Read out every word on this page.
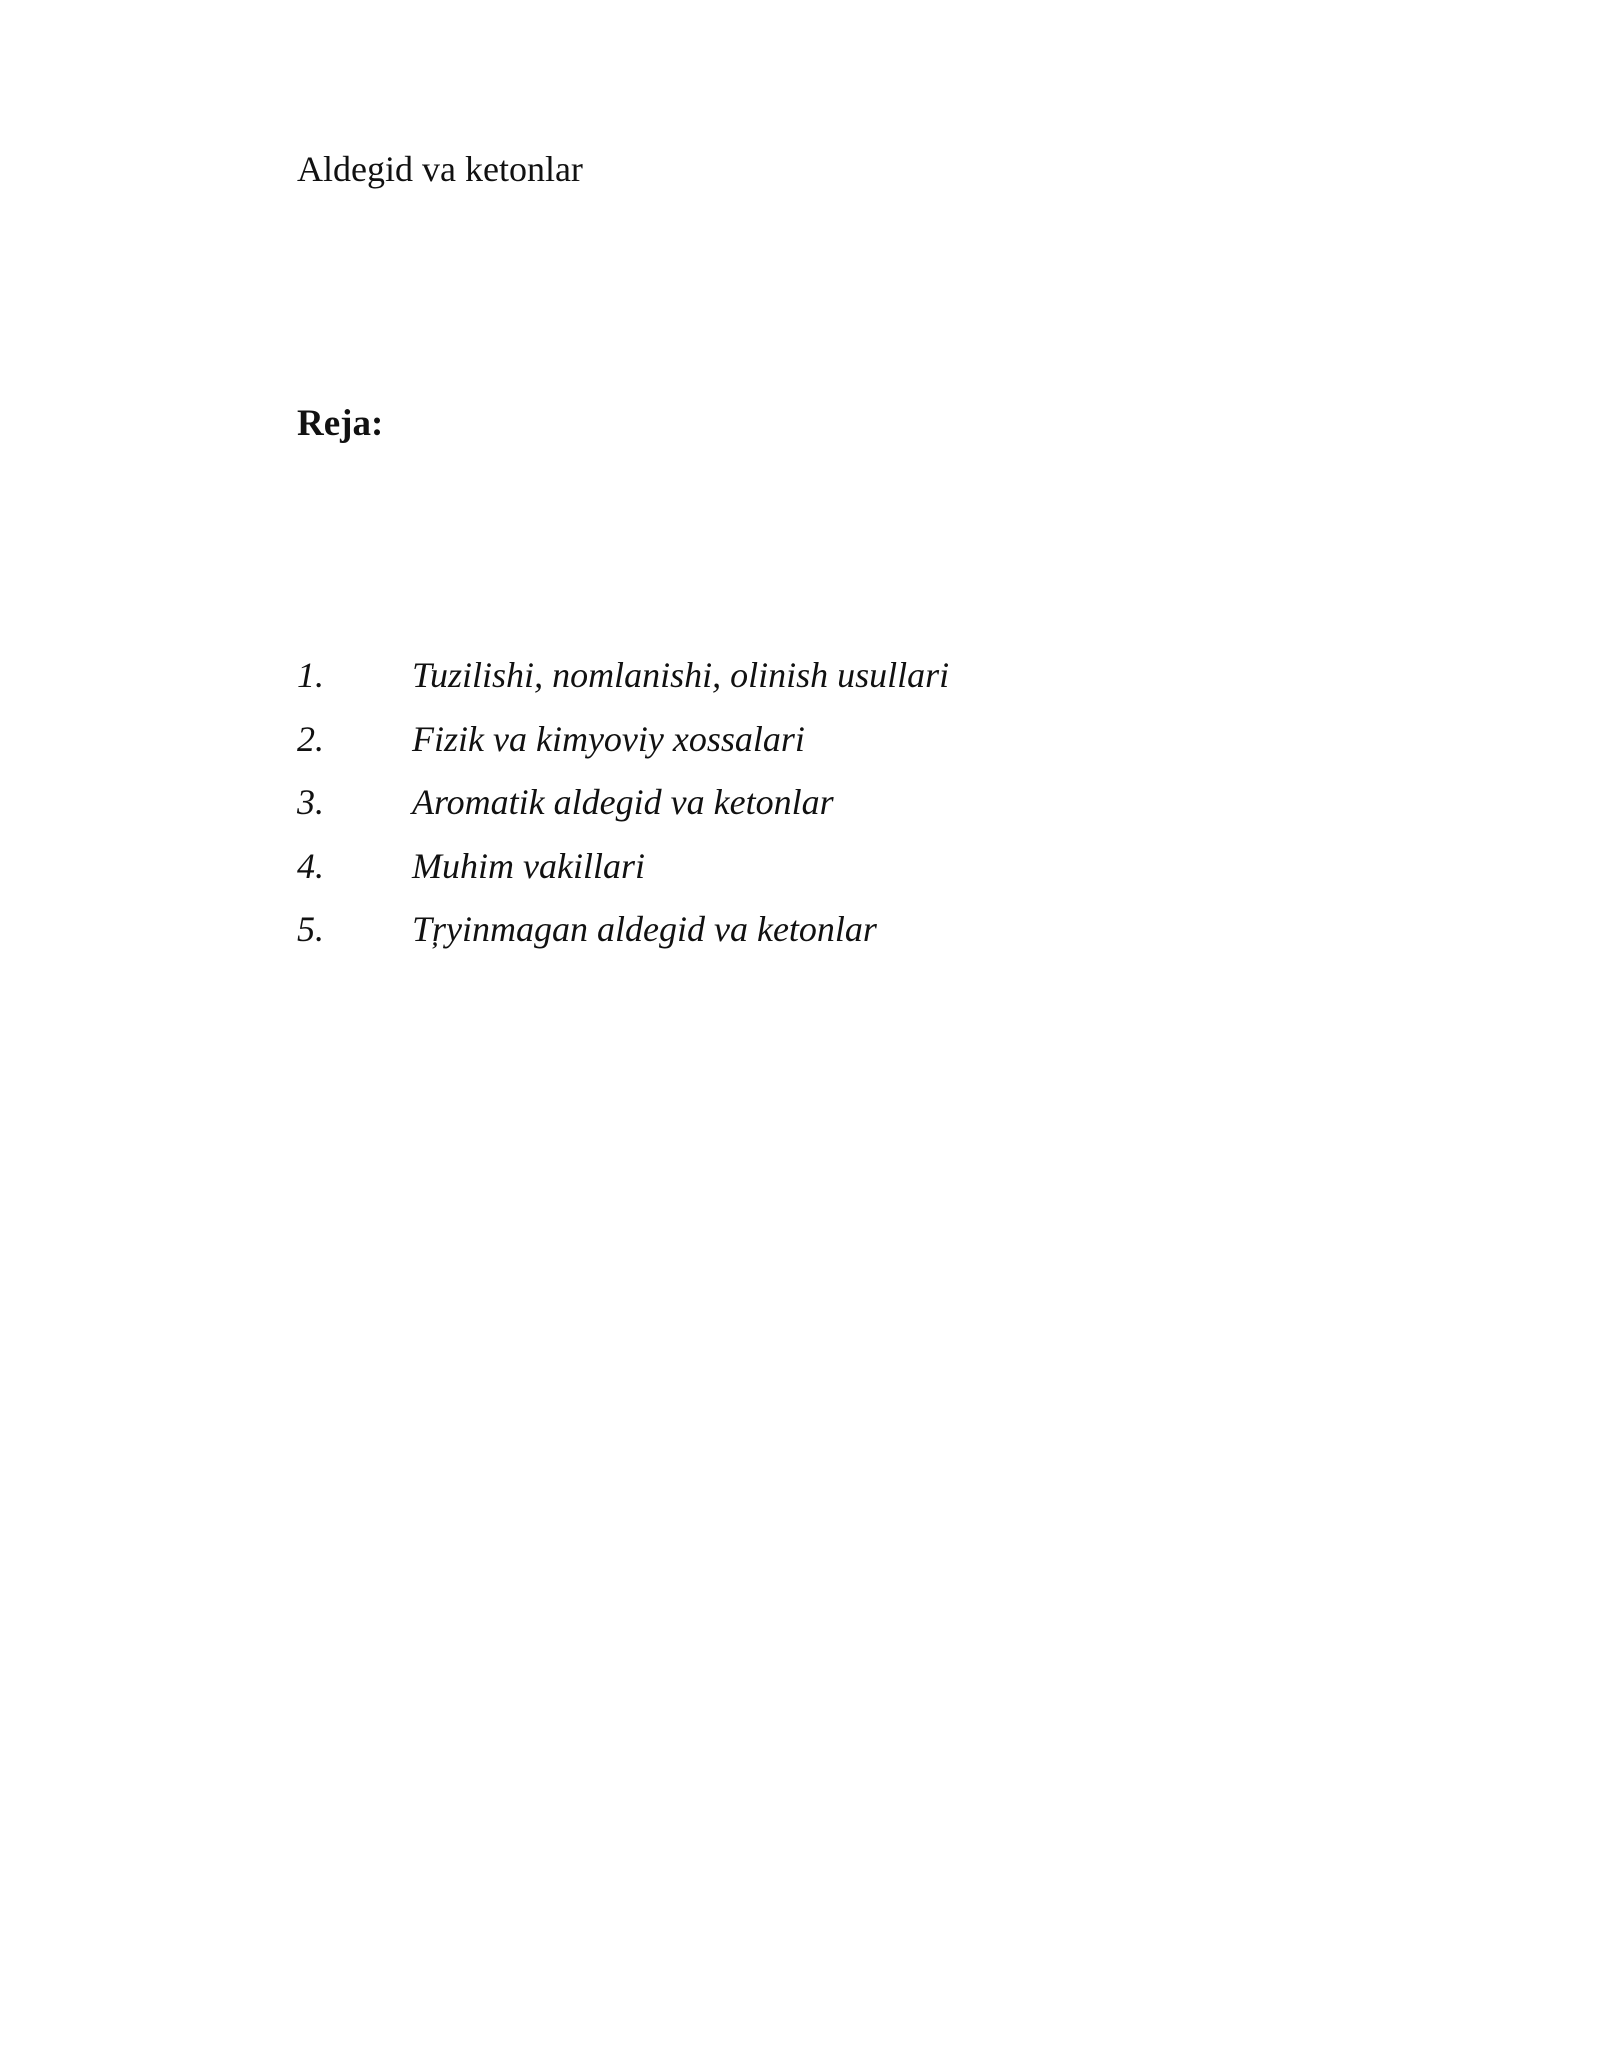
Aldegid va ketonlar
Reja:
1.	Tuzilishi, nomlanishi, olinish usullari
2.	Fizik va kimyoviy xossalari
3.	Aromatik aldegid va ketonlar
4.	Muhim vakillari
5.	Tŗyinmagan aldegid va ketonlar
